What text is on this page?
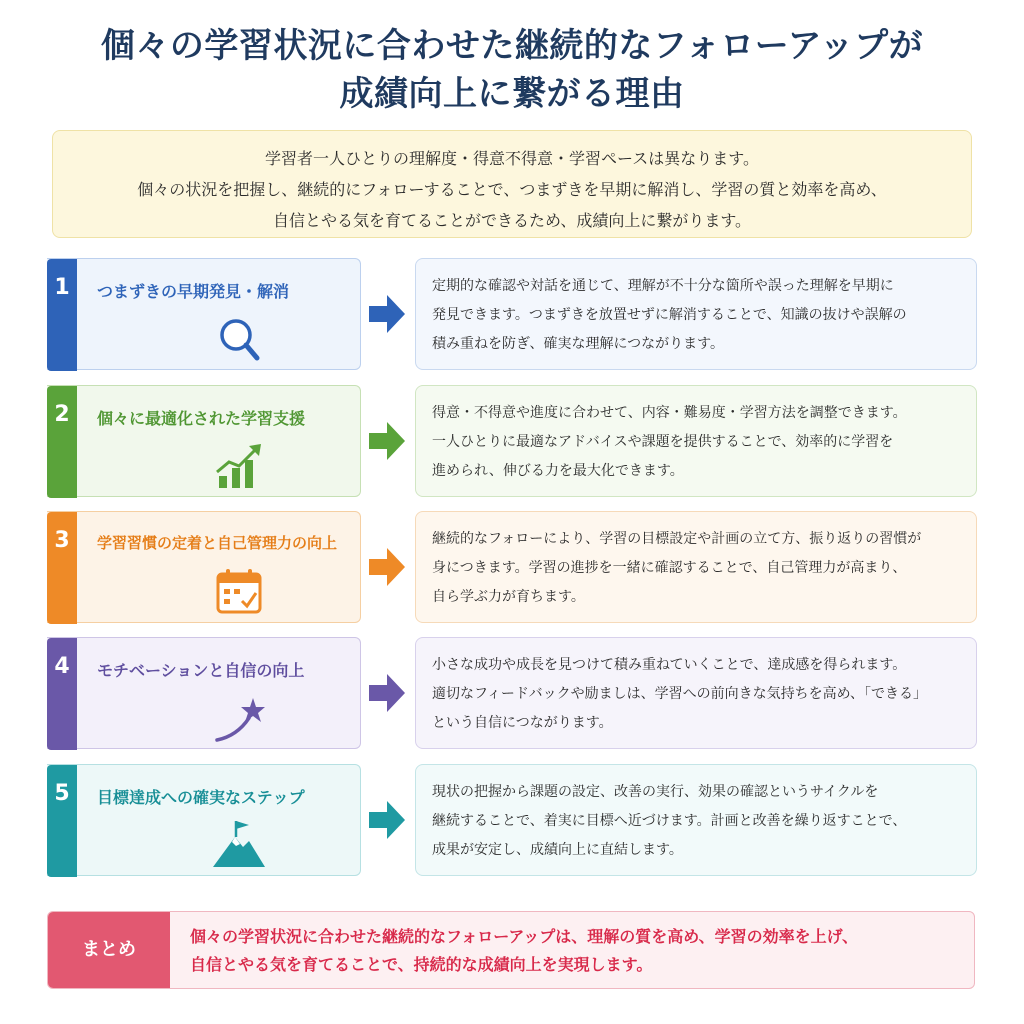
個々の学習状況に合わせた継続的なフォローアップが
成績向上に繋がる理由
学習者一人ひとりの理解度・得意不得意・学習ペースは異なります。
個々の状況を把握し、継続的にフォローすることで、つまずきを早期に解消し、学習の質と効率を高め、
自信とやる気を育てることができるため、成績向上に繋がります。
1	つまずきの早期発見・解消	定期的な確認や対話を通じて、理解が不十分な箇所や誤った理解を早期に
発見できます。つまずきを放置せずに解消することで、知識の抜けや誤解の
積み重ねを防ぎ、確実な理解につながります。
2	個々に最適化された学習支援	得意・不得意や進度に合わせて、内容・難易度・学習方法を調整できます。
一人ひとりに最適なアドバイスや課題を提供することで、効率的に学習を
進められ、伸びる力を最大化できます。
3	学習習慣の定着と自己管理力の向上	継続的なフォローにより、学習の目標設定や計画の立て方、振り返りの習慣が
身につきます。学習の進捗を一緒に確認することで、自己管理力が高まり、
自ら学ぶ力が育ちます。
4	モチベーションと自信の向上	小さな成功や成長を見つけて積み重ねていくことで、達成感を得られます。
適切なフィードバックや励ましは、学習への前向きな気持ちを高め、「できる」
という自信につながります。
5	目標達成への確実なステップ	現状の把握から課題の設定、改善の実行、効果の確認というサイクルを
継続することで、着実に目標へ近づけます。計画と改善を繰り返すことで、
成果が安定し、成績向上に直結します。
まとめ
個々の学習状況に合わせた継続的なフォローアップは、理解の質を高め、学習の効率を上げ、
自信とやる気を育てることで、持続的な成績向上を実現します。
